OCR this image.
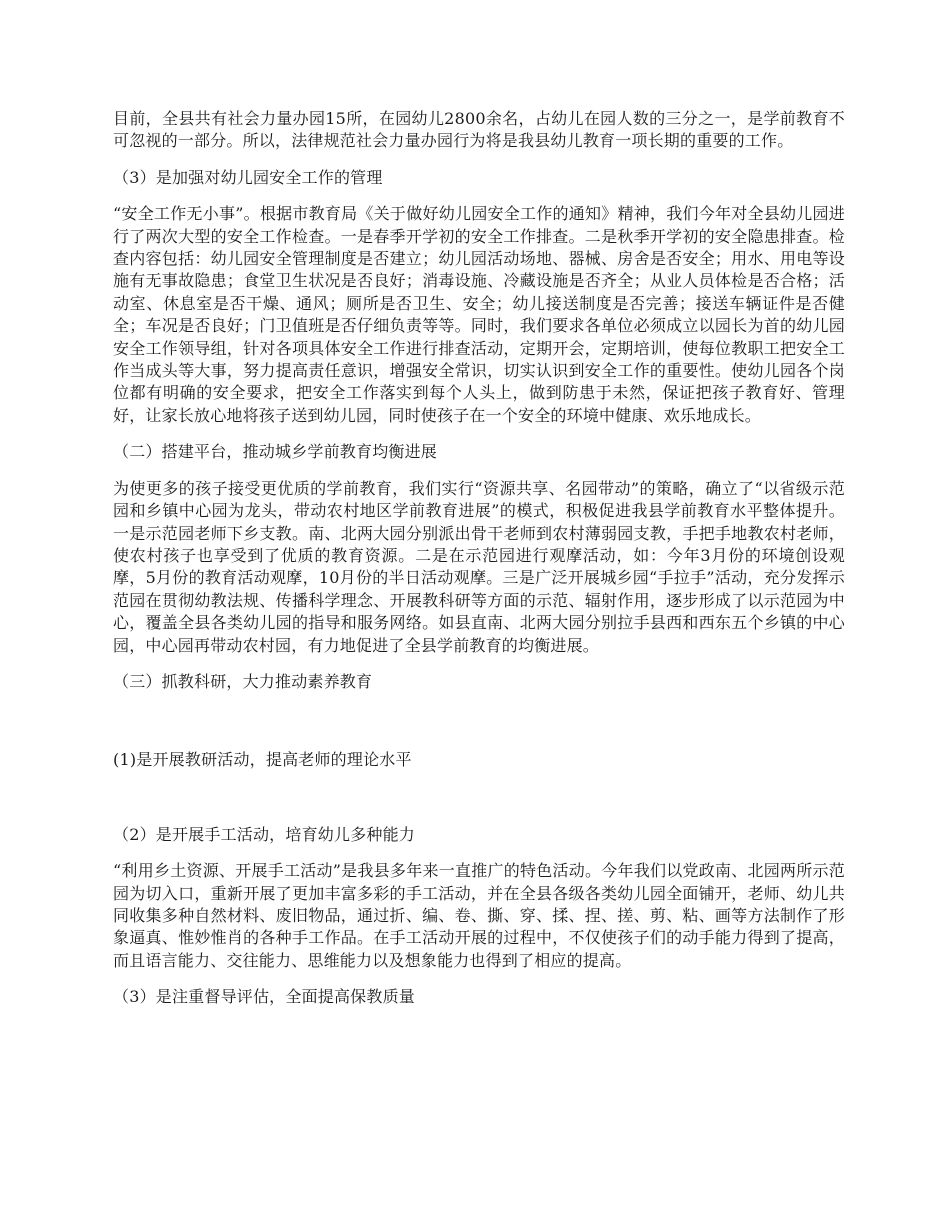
目前，全县共有社会力量办园15所，在园幼儿2800余名，占幼儿在园人数的三分之一，是学前教育不可忽视的一部分。所以，法律规范社会力量办园行为将是我县幼儿教育一项长期的重要的工作。

（3）是加强对幼儿园安全工作的管理

“安全工作无小事”。根据市教育局《关于做好幼儿园安全工作的通知》精神，我们今年对全县幼儿园进行了两次大型的安全工作检查。一是春季开学初的安全工作排查。二是秋季开学初的安全隐患排查。检查内容包括：幼儿园安全管理制度是否建立；幼儿园活动场地、器械、房舍是否安全；用水、用电等设施有无事故隐患；食堂卫生状况是否良好；消毒设施、冷藏设施是否齐全；从业人员体检是否合格；活动室、休息室是否干燥、通风；厕所是否卫生、安全；幼儿接送制度是否完善；接送车辆证件是否健全；车况是否良好；门卫值班是否仔细负责等等。同时，我们要求各单位必须成立以园长为首的幼儿园安全工作领导组，针对各项具体安全工作进行排查活动，定期开会，定期培训，使每位教职工把安全工作当成头等大事，努力提高责任意识，增强安全常识，切实认识到安全工作的重要性。使幼儿园各个岗位都有明确的安全要求，把安全工作落实到每个人头上，做到防患于未然，保证把孩子教育好、管理好，让家长放心地将孩子送到幼儿园，同时使孩子在一个安全的环境中健康、欢乐地成长。

（二）搭建平台，推动城乡学前教育均衡进展

为使更多的孩子接受更优质的学前教育，我们实行“资源共享、名园带动”的策略，确立了“以省级示范园和乡镇中心园为龙头，带动农村地区学前教育进展”的模式，积极促进我县学前教育水平整体提升。一是示范园老师下乡支教。南、北两大园分别派出骨干老师到农村薄弱园支教，手把手地教农村老师，使农村孩子也享受到了优质的教育资源。二是在示范园进行观摩活动，如：今年3月份的环境创设观摩，5月份的教育活动观摩，10月份的半日活动观摩。三是广泛开展城乡园“手拉手”活动，充分发挥示范园在贯彻幼教法规、传播科学理念、开展教科研等方面的示范、辐射作用，逐步形成了以示范园为中心，覆盖全县各类幼儿园的指导和服务网络。如县直南、北两大园分别拉手县西和西东五个乡镇的中心园，中心园再带动农村园，有力地促进了全县学前教育的均衡进展。

（三）抓教科研，大力推动素养教育

(1)是开展教研活动，提高老师的理论水平

（2）是开展手工活动，培育幼儿多种能力

“利用乡土资源、开展手工活动”是我县多年来一直推广的特色活动。今年我们以党政南、北园两所示范园为切入口，重新开展了更加丰富多彩的手工活动，并在全县各级各类幼儿园全面铺开，老师、幼儿共同收集多种自然材料、废旧物品，通过折、编、卷、撕、穿、揉、捏、搓、剪、粘、画等方法制作了形象逼真、惟妙惟肖的各种手工作品。在手工活动开展的过程中，不仅使孩子们的动手能力得到了提高，而且语言能力、交往能力、思维能力以及想象能力也得到了相应的提高。

（3）是注重督导评估，全面提高保教质量
